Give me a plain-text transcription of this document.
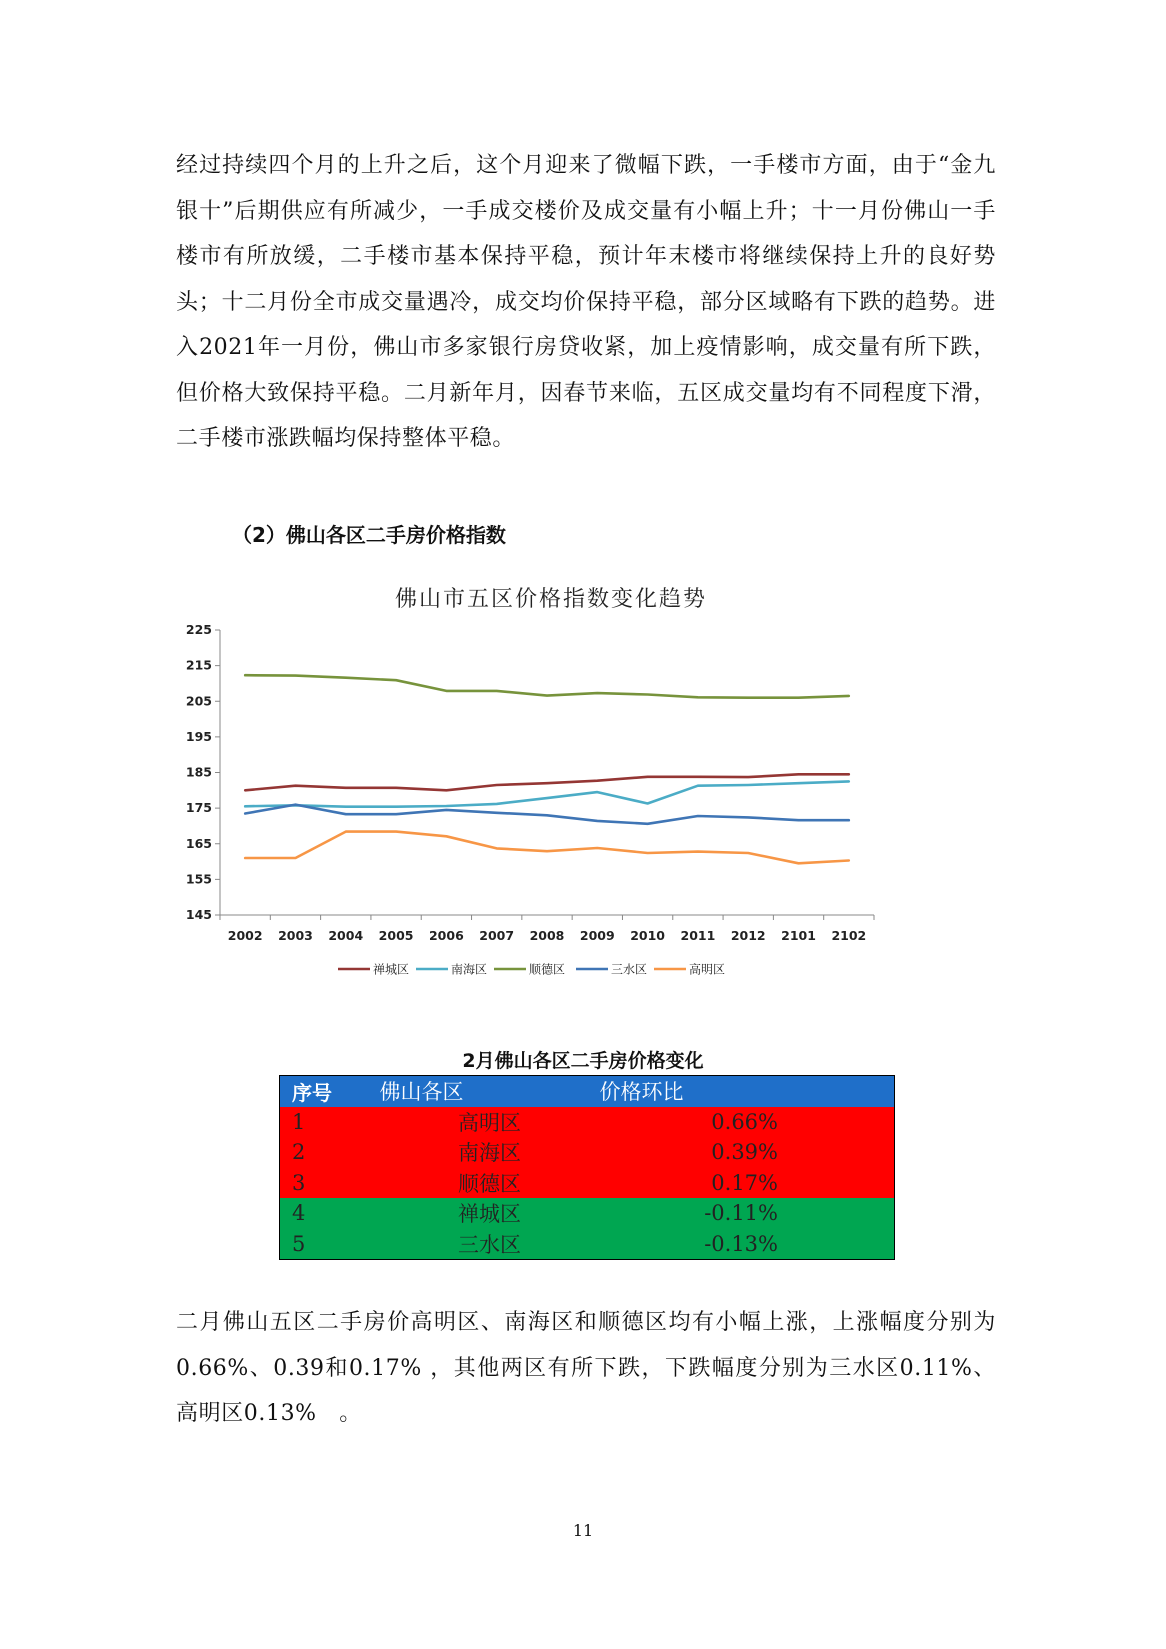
经过持续四个月的上升之后，这个月迎来了微幅下跌，一手楼市方面，由于“金九银十”后期供应有所减少，一手成交楼价及成交量有小幅上升；十一月份佛山一手楼市有所放缓，二手楼市基本保持平稳，预计年末楼市将继续保持上升的良好势头；十二月份全市成交量遇冷，成交均价保持平稳，部分区域略有下跌的趋势。进入2021年一月份，佛山市多家银行房贷收紧，加上疫情影响，成交量有所下跌，但价格大致保持平稳。二月新年月，因春节来临，五区成交量均有不同程度下滑，二手楼市涨跌幅均保持整体平稳。

（2）佛山各区二手房价格指数

佛山市五区价格指数变化趋势

145
155
165
175
185
195
205
215
225
2002 2003 2004 2005 2006 2007 2008 2009 2010 2011 2012 2101 2102
禅城区	南海区	顺德区	三水区	高明区

2月佛山各区二手房价格变化

序号	佛山各区	价格环比
1	高明区	0.66%
2	南海区	0.39%
3	顺德区	0.17%
4	禅城区	-0.11%
5	三水区	-0.13%

二月佛山五区二手房价高明区、南海区和顺德区均有小幅上涨，上涨幅度分别为0.66%、0.39和0.17% ，其他两区有所下跌，下跌幅度分别为三水区0.11%、高明区0.13%　。

11
